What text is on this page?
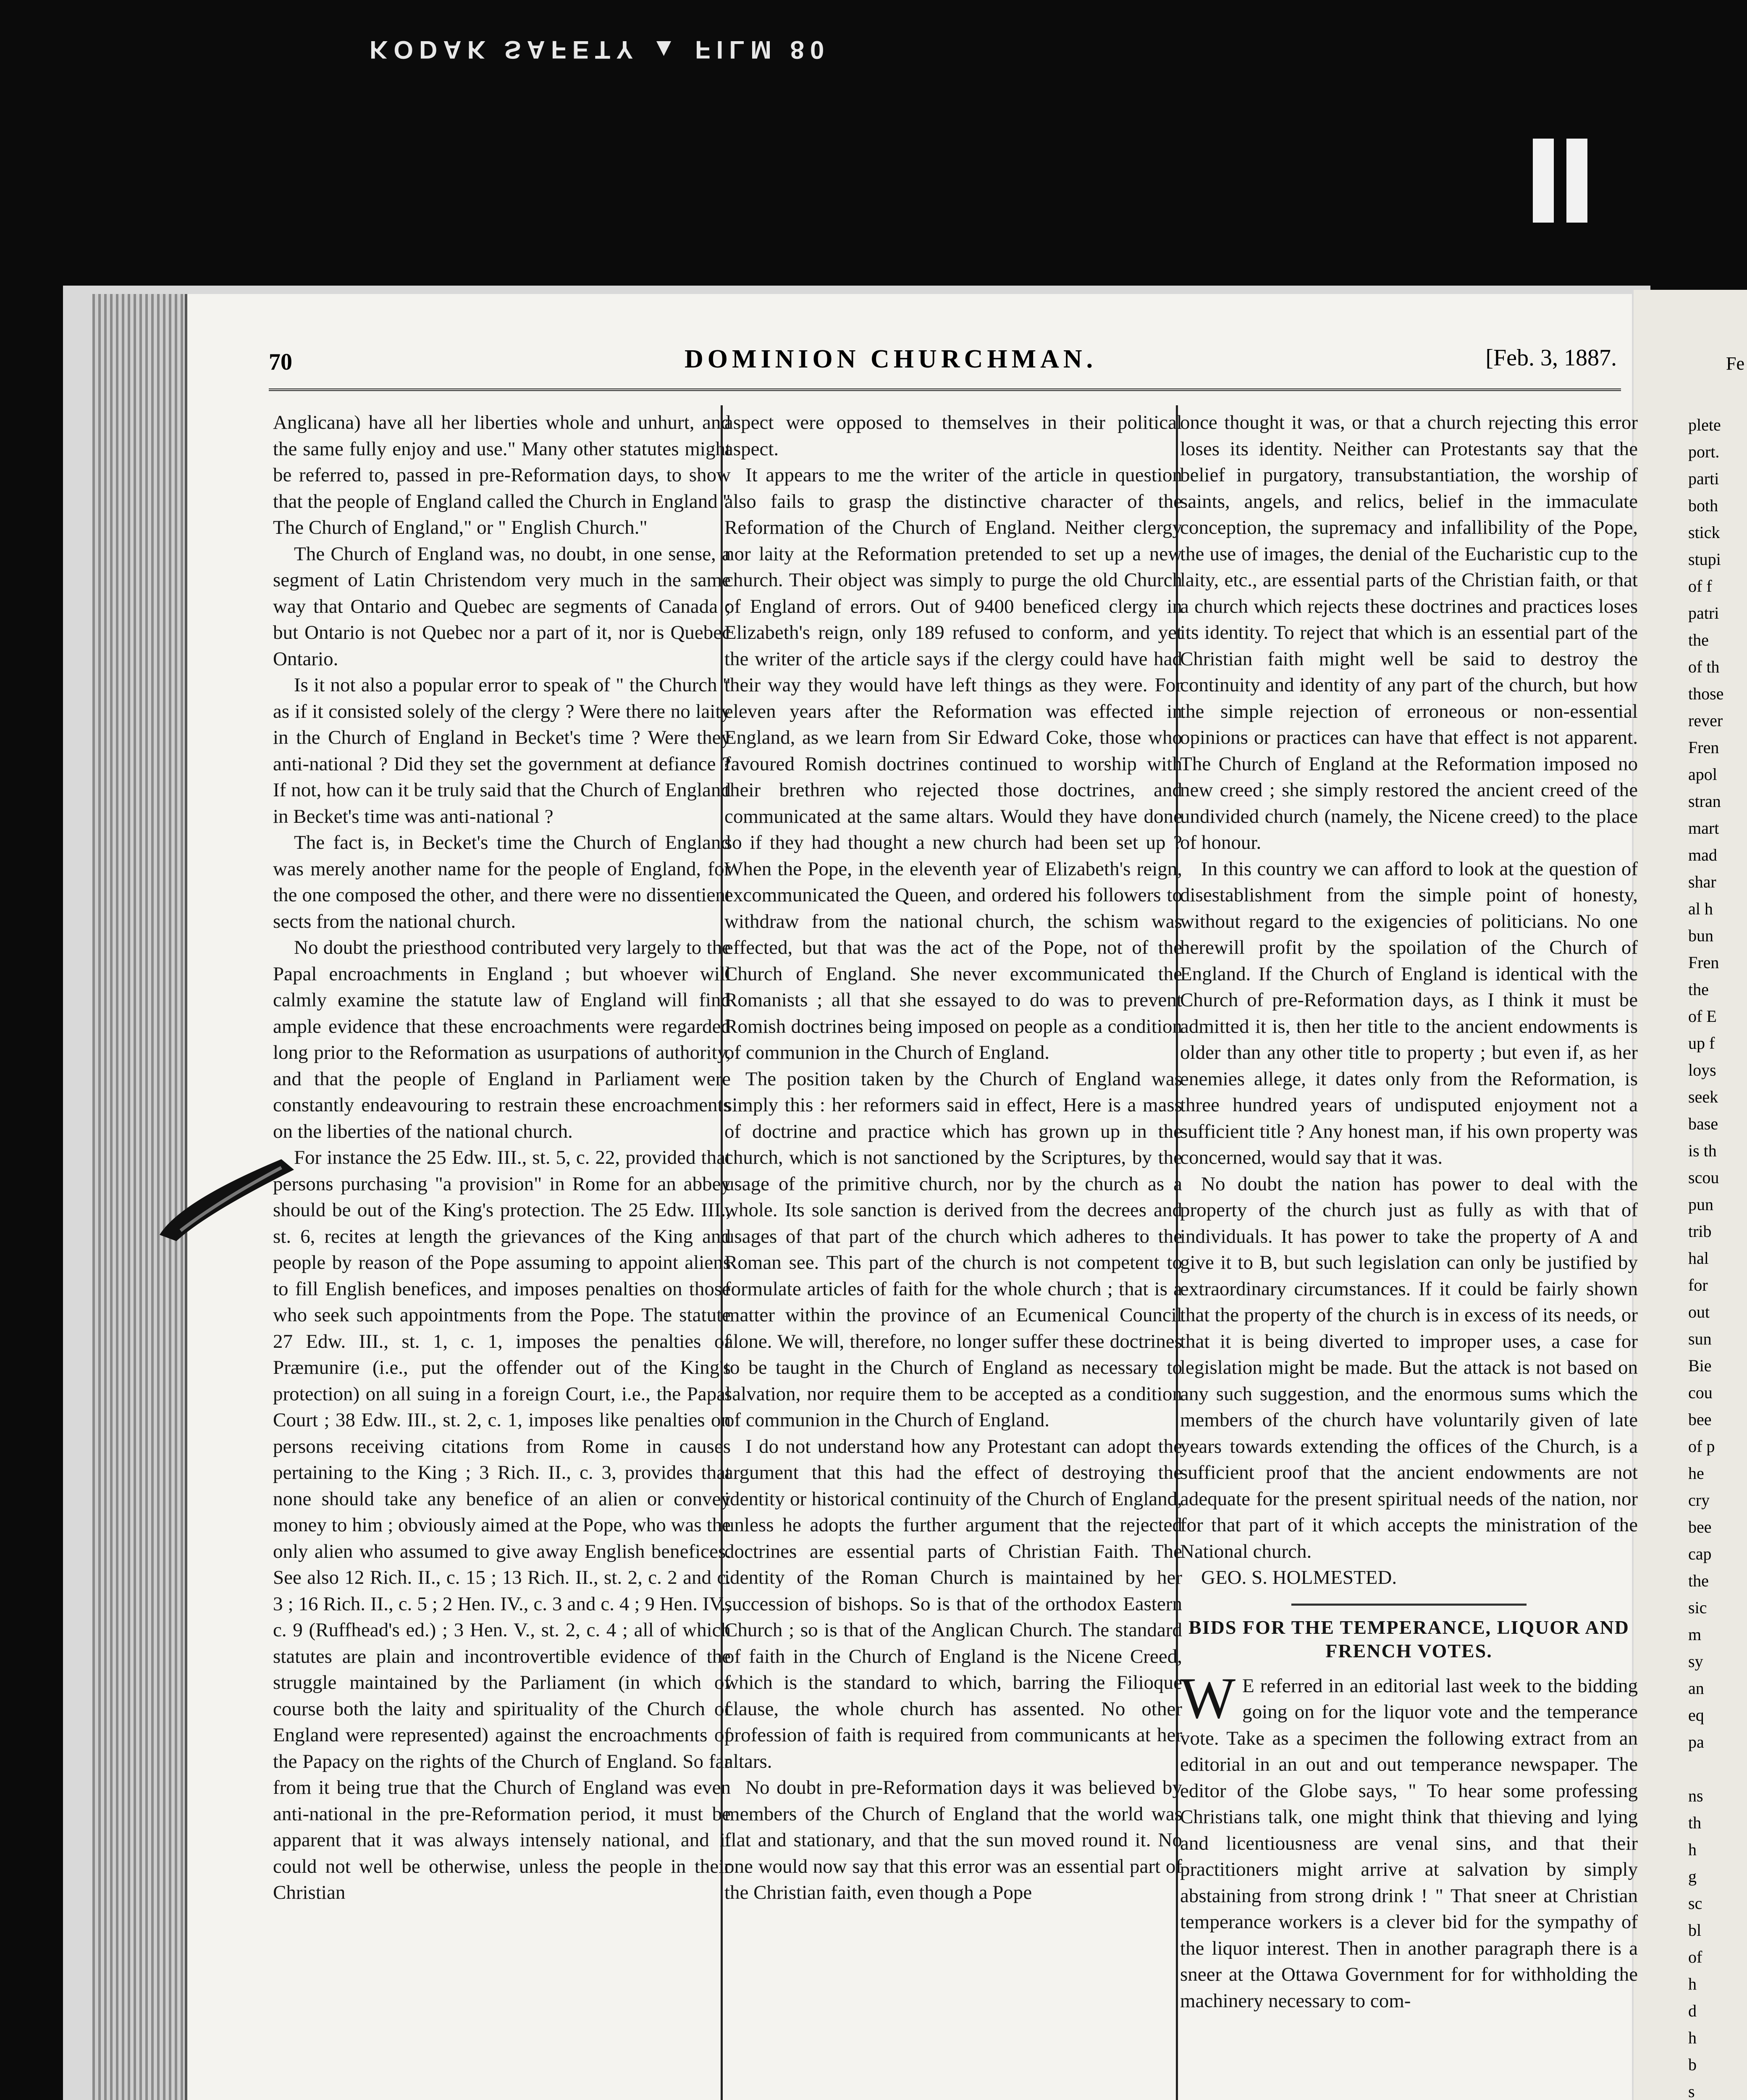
KODAK SAFETY ▲ FILM 80
Fe
plete
port.
parti
both
stick
stupi
of f
patri
the
of th
those
rever
Fren
apol
stran
mart
mad
shar
al h
bun
Fren
the
of E
up f
loys
seek
base
is th
scou
pun
trib
hal
for
out
sun
Bie
cou
bee
of p
he
cry
bee
cap
the
sic
m
sy
an
eq
pa

ns
th
h
g
sc
bl
of
h
d
h
b
s
70	DOMINION CHURCHMAN.	[Feb. 3, 1887.

Anglicana) have all her liberties whole and unhurt, and the same fully enjoy and use." Many other statutes might be referred to, passed in pre-Reformation days, to show that the people of England called the Church in England " The Church of England," or " English Church."

The Church of England was, no doubt, in one sense, a segment of Latin Christendom very much in the same way that Ontario and Quebec are segments of Canada ; but Ontario is not Quebec nor a part of it, nor is Quebec Ontario.

Is it not also a popular error to speak of " the Church " as if it consisted solely of the clergy ? Were there no laity in the Church of England in Becket's time ? Were they anti-national ? Did they set the government at defiance ? If not, how can it be truly said that the Church of England in Becket's time was anti-national ?

The fact is, in Becket's time the Church of England was merely another name for the people of England, for the one composed the other, and there were no dissentient sects from the national church.

No doubt the priesthood contributed very largely to the Papal encroachments in England ; but whoever will calmly examine the statute law of England will find ample evidence that these encroachments were regarded long prior to the Reformation as usurpations of authority, and that the people of England in Parliament were constantly endeavouring to restrain these encroachments on the liberties of the national church.

For instance the 25 Edw. III., st. 5, c. 22, provided that persons purchasing "a provision" in Rome for an abbey should be out of the King's protection. The 25 Edw. III., st. 6, recites at length the grievances of the King and people by reason of the Pope assuming to appoint aliens to fill English benefices, and imposes penalties on those who seek such appointments from the Pope. The statute 27 Edw. III., st. 1, c. 1, imposes the penalties of Præmunire (i.e., put the offender out of the King's protection) on all suing in a foreign Court, i.e., the Papal Court ; 38 Edw. III., st. 2, c. 1, imposes like penalties on persons receiving citations from Rome in causes pertaining to the King ; 3 Rich. II., c. 3, provides that none should take any benefice of an alien or convey money to him ; obviously aimed at the Pope, who was the only alien who assumed to give away English benefices. See also 12 Rich. II., c. 15 ; 13 Rich. II., st. 2, c. 2 and c. 3 ; 16 Rich. II., c. 5 ; 2 Hen. IV., c. 3 and c. 4 ; 9 Hen. IV., c. 9 (Ruffhead's ed.) ; 3 Hen. V., st. 2, c. 4 ; all of which statutes are plain and incontrovertible evidence of the struggle maintained by the Parliament (in which of course both the laity and spirituality of the Church of England were represented) against the encroachments of the Papacy on the rights of the Church of England. So far from it being true that the Church of England was even anti-national in the pre-Reformation period, it must be apparent that it was always intensely national, and it could not well be otherwise, unless the people in their Christian

aspect were opposed to themselves in their political aspect.

It appears to me the writer of the article in question also fails to grasp the distinctive character of the Reformation of the Church of England. Neither clergy nor laity at the Reformation pretended to set up a new church. Their object was simply to purge the old Church of England of errors. Out of 9400 beneficed clergy in Elizabeth's reign, only 189 refused to conform, and yet the writer of the article says if the clergy could have had their way they would have left things as they were. For eleven years after the Reformation was effected in England, as we learn from Sir Edward Coke, those who favoured Romish doctrines continued to worship with their brethren who rejected those doctrines, and communicated at the same altars. Would they have done so if they had thought a new church had been set up ? When the Pope, in the eleventh year of Elizabeth's reign, excommunicated the Queen, and ordered his followers to withdraw from the national church, the schism was effected, but that was the act of the Pope, not of the Church of England. She never excommunicated the Romanists ; all that she essayed to do was to prevent Romish doctrines being imposed on people as a condition of communion in the Church of England.

The position taken by the Church of England was simply this : her reformers said in effect, Here is a mass of doctrine and practice which has grown up in the church, which is not sanctioned by the Scriptures, by the usage of the primitive church, nor by the church as a whole. Its sole sanction is derived from the decrees and usages of that part of the church which adheres to the Roman see. This part of the church is not competent to formulate articles of faith for the whole church ; that is a matter within the province of an Ecumenical Council alone. We will, therefore, no longer suffer these doctrines to be taught in the Church of England as necessary to salvation, nor require them to be accepted as a condition of communion in the Church of England.

I do not understand how any Protestant can adopt the argument that this had the effect of destroying the identity or historical continuity of the Church of England, unless he adopts the further argument that the rejected doctrines are essential parts of Christian Faith. The identity of the Roman Church is maintained by her succession of bishops. So is that of the orthodox Eastern Church ; so is that of the Anglican Church. The standard of faith in the Church of England is the Nicene Creed, which is the standard to which, barring the Filioque clause, the whole church has assented. No other profession of faith is required from communicants at her altars.

No doubt in pre-Reformation days it was believed by members of the Church of England that the world was flat and stationary, and that the sun moved round it. No one would now say that this error was an essential part of the Christian faith, even though a Pope

once thought it was, or that a church rejecting this error loses its identity. Neither can Protestants say that the belief in purgatory, transubstantiation, the worship of saints, angels, and relics, belief in the immaculate conception, the supremacy and infallibility of the Pope, the use of images, the denial of the Eucharistic cup to the laity, etc., are essential parts of the Christian faith, or that a church which rejects these doctrines and practices loses its identity. To reject that which is an essential part of the Christian faith might well be said to destroy the continuity and identity of any part of the church, but how the simple rejection of erroneous or non-essential opinions or practices can have that effect is not apparent. The Church of England at the Reformation imposed no new creed ; she simply restored the ancient creed of the undivided church (namely, the Nicene creed) to the place of honour.

In this country we can afford to look at the question of disestablishment from the simple point of honesty, without regard to the exigencies of politicians. No one herewill profit by the spoilation of the Church of England. If the Church of England is identical with the Church of pre-Reformation days, as I think it must be admitted it is, then her title to the ancient endowments is older than any other title to property ; but even if, as her enemies allege, it dates only from the Reformation, is three hundred years of undisputed enjoyment not a sufficient title ? Any honest man, if his own property was concerned, would say that it was.

No doubt the nation has power to deal with the property of the church just as fully as with that of individuals. It has power to take the property of A and give it to B, but such legislation can only be justified by extraordinary circumstances. If it could be fairly shown that the property of the church is in excess of its needs, or that it is being diverted to improper uses, a case for legislation might be made. But the attack is not based on any such suggestion, and the enormous sums which the members of the church have voluntarily given of late years towards extending the offices of the Church, is a sufficient proof that the ancient endowments are not adequate for the present spiritual needs of the nation, nor for that part of it which accepts the ministration of the National church.

GEO. S. HOLMESTED.

BIDS FOR THE TEMPERANCE, LIQUOR AND FRENCH VOTES.

W E referred in an editorial last week to the bidding going on for the liquor vote and the temperance vote. Take as a specimen the following extract from an editorial in an out and out temperance newspaper. The editor of the Globe says, " To hear some professing Christians talk, one might think that thieving and lying and licentiousness are venal sins, and that their practitioners might arrive at salvation by simply abstaining from strong drink ! " That sneer at Christian temperance workers is a clever bid for the sympathy of the liquor interest. Then in another paragraph there is a sneer at the Ottawa Government for for withholding the machinery necessary to com-
